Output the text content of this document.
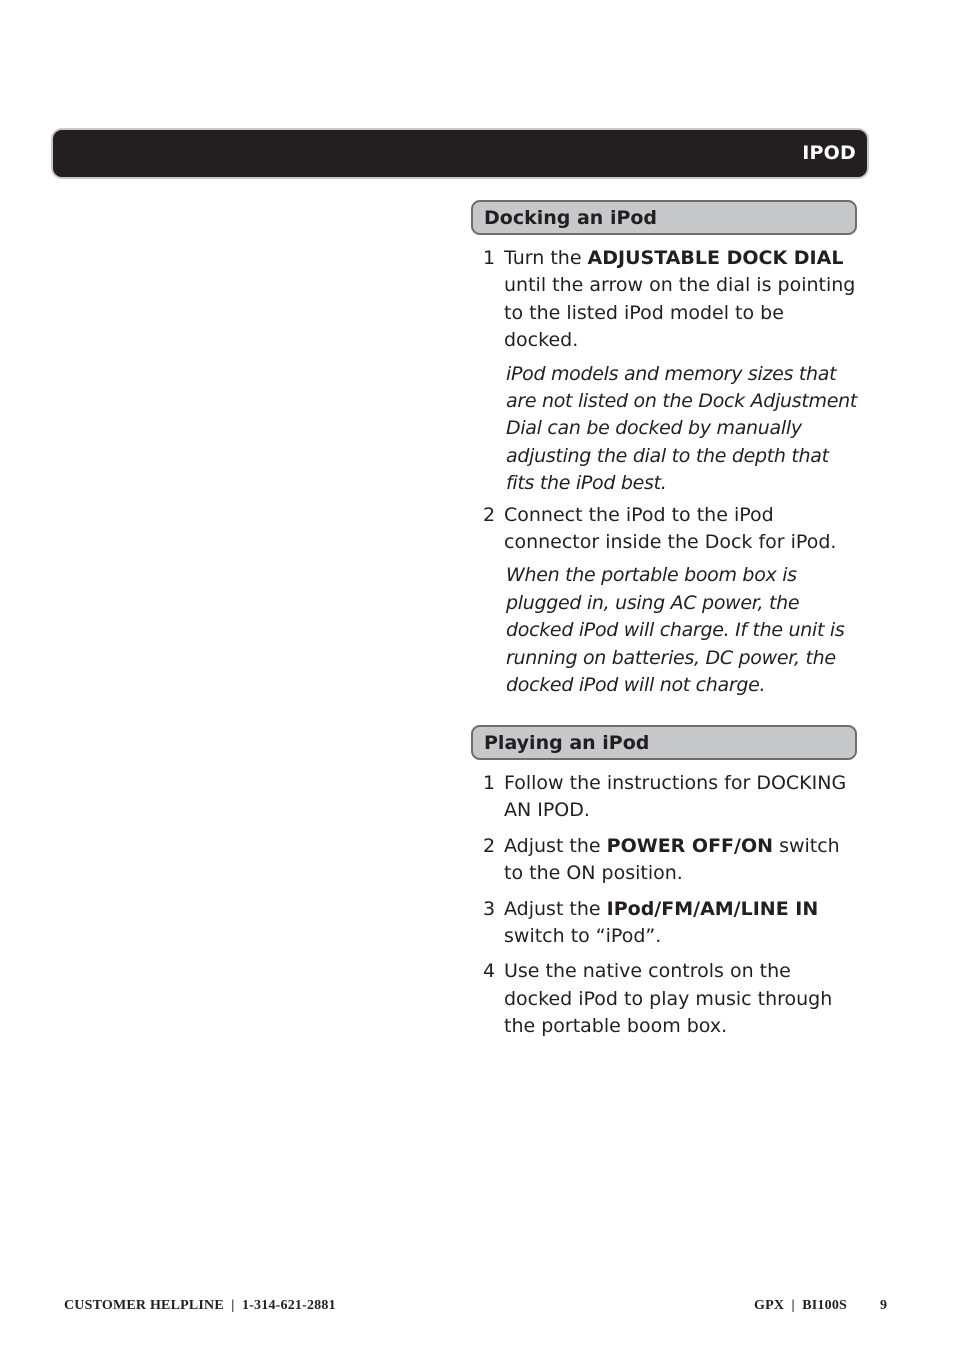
IPOD
Docking an iPod
1 Turn the ADJUSTABLE DOCK DIAL until the arrow on the dial is pointing to the listed iPod model to be docked.
iPod models and memory sizes that are not listed on the Dock Adjustment Dial can be docked by manually adjusting the dial to the depth that fits the iPod best.
2 Connect the iPod to the iPod connector inside the Dock for iPod.
When the portable boom box is plugged in, using AC power, the docked iPod will charge. If the unit is running on batteries, DC power, the docked iPod will not charge.
Playing an iPod
1 Follow the instructions for DOCKING AN IPOD.
2 Adjust the POWER OFF/ON switch to the ON position.
3 Adjust the IPod/FM/AM/LINE IN switch to “iPod”.
4 Use the native controls on the docked iPod to play music through the portable boom box.
CUSTOMER HELPLINE  |  1-314-621-2881	GPX  |  BI100S 9
